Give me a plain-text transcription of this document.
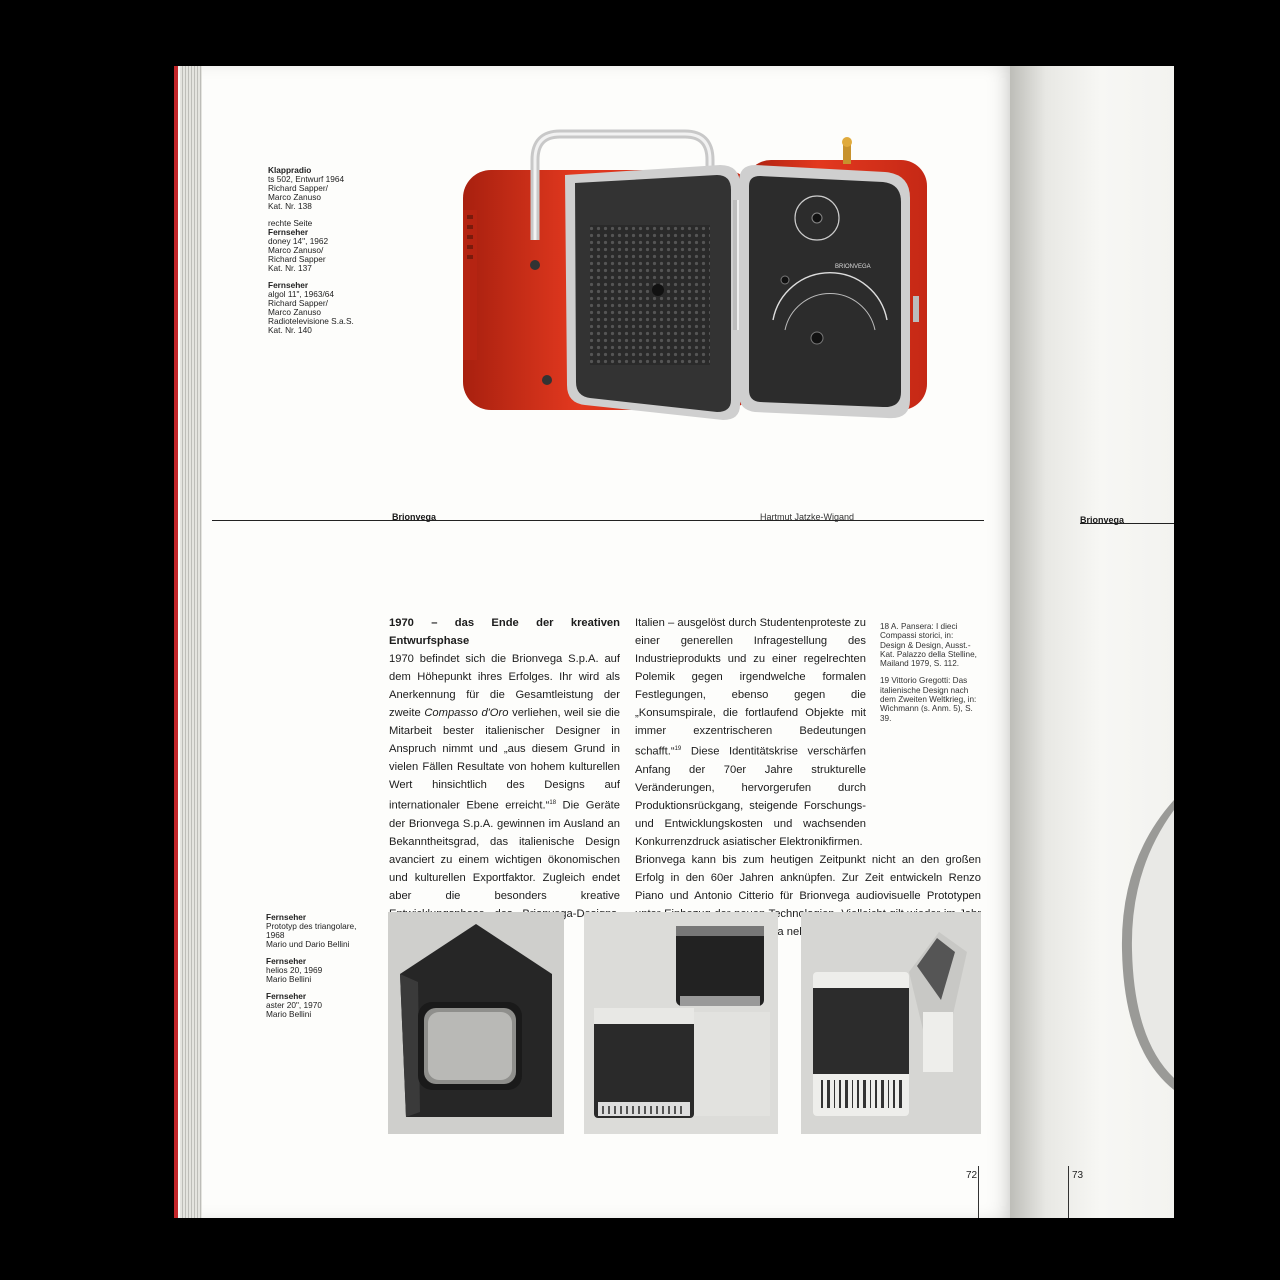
Klappradio

ts 502, Entwurf 1964

Richard Sapper/

Marco Zanuso

Kat. Nr. 138

rechte Seite

Fernseher

doney 14", 1962

Marco Zanuso/

Richard Sapper

Kat. Nr. 137

Fernseher

algol 11", 1963/64

Richard Sapper/

Marco Zanuso

Radiotelevisione S.a.S.

Kat. Nr. 140

BRIONVEGA
Brionvega	Hartmut Jatzke-Wigand	Brionvega

1970 – das Ende der kreativen Entwurfsphase

1970 befindet sich die Brionvega S.p.A. auf dem Höhepunkt ihres Erfolges. Ihr wird als Anerkennung für die Gesamtleistung der zweite Compasso d'Oro verliehen, weil sie die Mitarbeit bester italienischer Designer in Anspruch nimmt und „aus diesem Grund in vielen Fällen Resultate von hohem kulturellen Wert hinsichtlich des Designs auf internationaler Ebene erreicht.“$^{18}$ Die Geräte der Brionvega S.p.A. gewinnen im Ausland an Bekanntheitsgrad, das italienische Design avanciert zu einem wichtigen ökonomischen und kulturellen Exportfaktor. Zugleich endet aber die besonders kreative Brionvega-Designs.

Italien – ausgelöst durch Studentenproteste zu einer generellen Infragestellung des Industrieprodukts und zu einer regelrechten Polemik gegen irgendwelche formalen Festlegungen, ebenso gegen die „Konsumspirale, die fortlaufend Objekte mit immer exzentrischeren Bedeutungen schafft.“$^{19}$ Diese Identitätskrise verschärfen Anfang der 70er Jahre strukturelle Veränderungen, hervorgerufen durch Produktionsrückgang, steigende Forschungs- und Entwicklungskosten und wachsenden Konkurrenzdruck asiatischer Elektronikfirmen.

Brionvega kann bis zum heutigen Zeitpunkt nicht an den großen Erfolg in den 60er Jahren anknüpfen. Zur Zeit entwickeln Renzo Piano und Antonio Citterio für Brionvega audiovisuelle Prototypen nella

18 A. Pansera: I dieci Compassi storici, in: Design & Design, Ausst.-Kat. Palazzo della Stelline, Mailand 1979, S. 112.

19 Vittorio Gregotti: Das italienische Design nach dem Zweiten Weltkrieg, in: Wichmann (s. Anm. 5), S. 39.

Fernseher

Prototyp des triangolare,

1968

Mario und Dario Bellini

Fernseher

helios 20, 1969

Mario Bellini

Fernseher

aster 20", 1970

Mario Bellini

72	73
